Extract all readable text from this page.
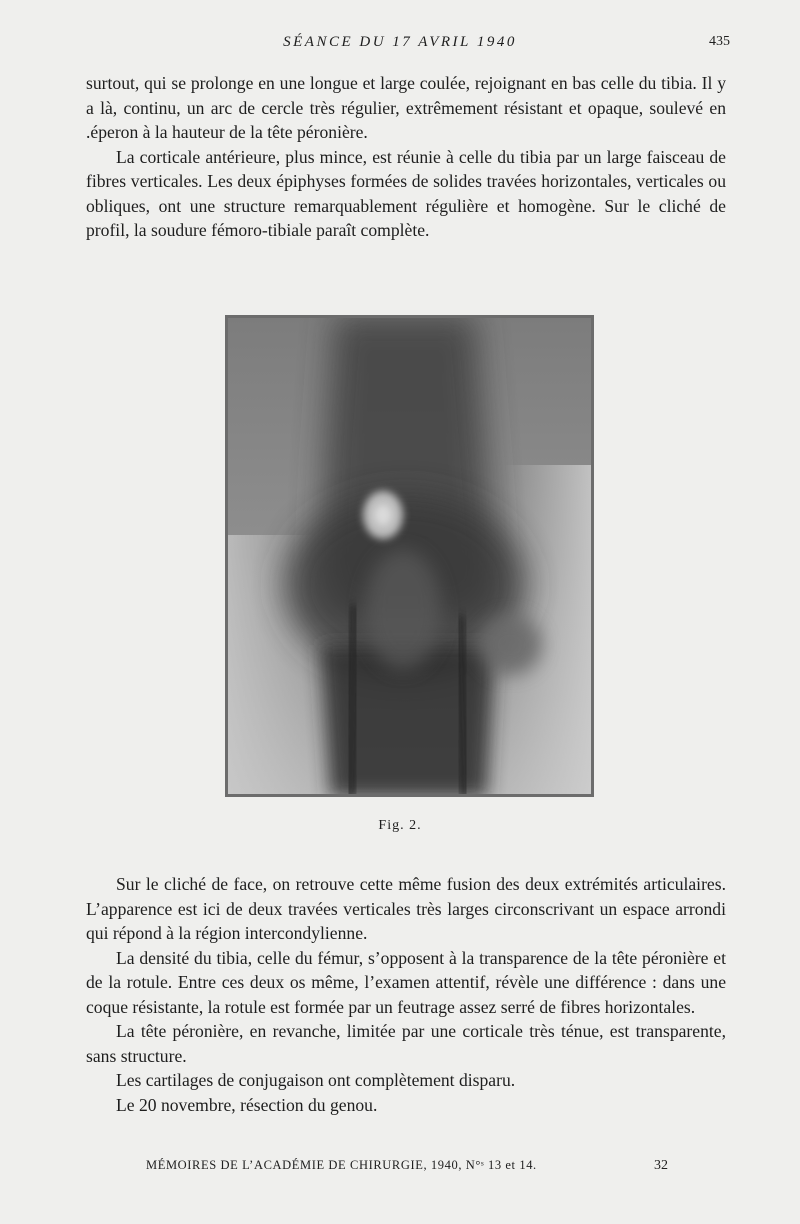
SÉANCE DU 17 AVRIL 1940	435

surtout, qui se prolonge en une longue et large coulée, rejoignant en bas celle du tibia. Il y a là, continu, un arc de cercle très régulier, extrêmement résistant et opaque, soulevé en .éperon à la hauteur de la tête péronière.

La corticale antérieure, plus mince, est réunie à celle du tibia par un large faisceau de fibres verticales. Les deux épiphyses formées de solides travées horizontales, verticales ou obliques, ont une structure remarquablement régulière et homogène. Sur le cliché de profil, la soudure fémoro-tibiale paraît complète.

Fig. 2.

Sur le cliché de face, on retrouve cette même fusion des deux extrémités articulaires. L’apparence est ici de deux travées verticales très larges circonscrivant un espace arrondi qui répond à la région intercondylienne.

La densité du tibia, celle du fémur, s’opposent à la transparence de la tête péronière et de la rotule. Entre ces deux os même, l’examen attentif, révèle une différence : dans une coque résistante, la rotule est formée par un feutrage assez serré de fibres horizontales.

La tête péronière, en revanche, limitée par une corticale très ténue, est transparente, sans structure.

Les cartilages de conjugaison ont complètement disparu.

Le 20 novembre, résection du genou.

MÉMOIRES DE L’ACADÉMIE DE CHIRURGIE, 1940, N°ˢ 13 et 14.	32
